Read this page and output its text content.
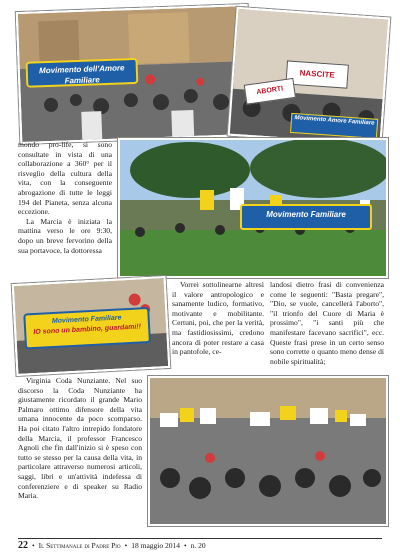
Movimento dell'Amore Familiare
NASCITE
ABORTI
Movimento Amore Familiare
Movimento Familiare
Movimento Familiare
IO sono un bambino, guardami!!

mondo pro-life, si sono consultate in vista di una collaborazione a 360° per il risveglio della cultura della vita, con la conseguente abrogazione di tutte le leggi 194 del Pianeta, senza alcuna eccezione.

La Marcia è iniziata la mattina verso le ore 9:30, dopo un breve fervorino della sua portavoce, la dottoressa

Virginia Coda Nunziante. Nel suo discorso la Coda Nunziante ha giustamente ricordato il grande Mario Palmaro ottimo difensore della vita umana innocente da poco scomparso. Ha poi citato l'altro intrepido fondatore della Marcia, il professor Francesco Agnoli che fin dall'inizio si è speso con tutto se stesso per la causa della vita, in particolare attraverso numerosi articoli, saggi, libri e un'attività indefessa di conferenziere e di speaker su Radio Maria.

Vorrei sottolinearne altresì il valore antropologico e sanamente ludico, formativo, motivante e mobilitante. Certuni, poi, che per la verità, ma fastidiosissimi, credono ancora di poter restare a casa in pantofole, ce-

landosi dietro frasi di convenienza come le seguenti: "Basta pregare", "Dio, se vuole, cancellerà l'aborto", "il trionfo del Cuore di Maria è prossimo", "i santi più che manifestare facevano sacrifici", ecc. Queste frasi prese in un certo senso sono corrette o quanto meno dense di nobile spiritualità;

22 • Il Settimanale di Padre Pio • 18 maggio 2014 • n. 20
